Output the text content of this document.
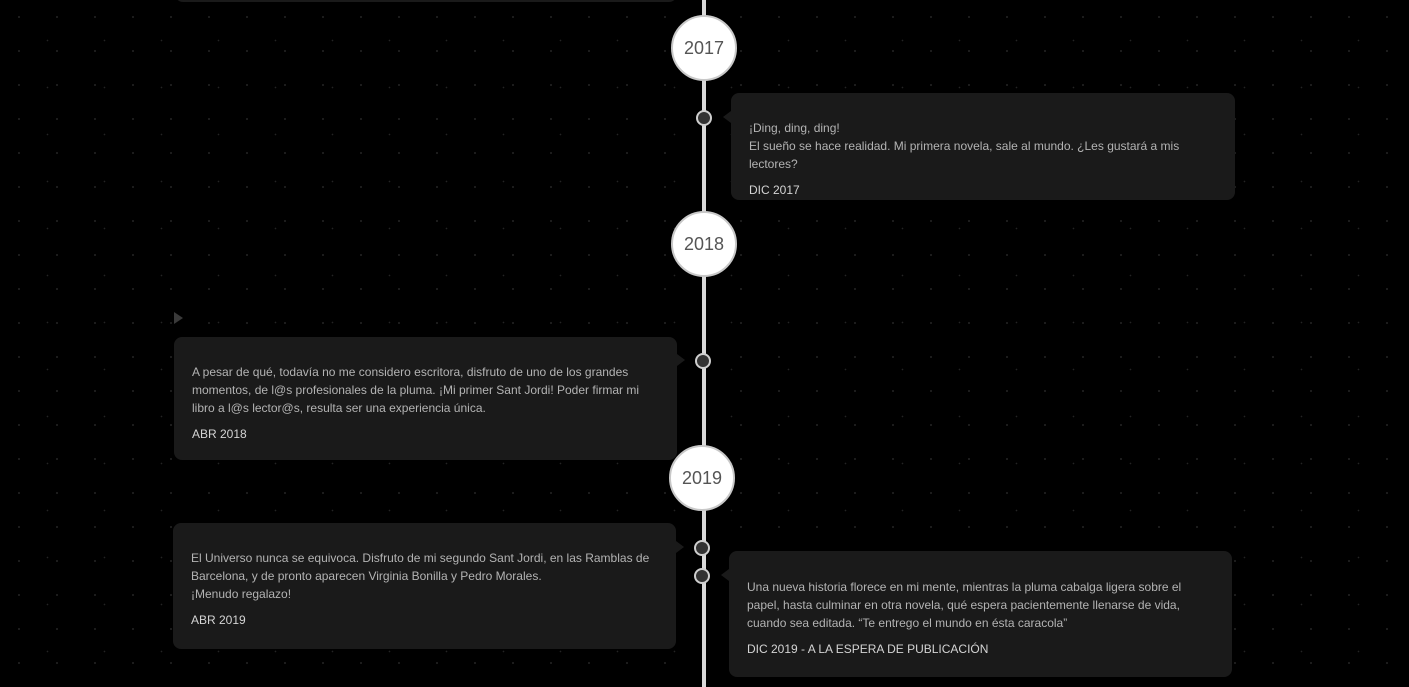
2017
2018
2019

¡Ding, ding, ding!
El sueño se hace realidad. Mi primera novela, sale al mundo. ¿Les gustará a mis lectores?

DIC 2017

A pesar de qué, todavía no me considero escritora, disfruto de uno de los grandes momentos, de l@s profesionales de la pluma. ¡Mi primer Sant Jordi! Poder firmar mi libro a l@s lector@s, resulta ser una experiencia única.

ABR 2018

El Universo nunca se equivoca. Disfruto de mi segundo Sant Jordi, en las Ramblas de Barcelona, y de pronto aparecen Virginia Bonilla y Pedro Morales.
¡Menudo regalazo!

ABR 2019

Una nueva historia florece en mi mente, mientras la pluma cabalga ligera sobre el papel, hasta culminar en otra novela, qué espera pacientemente llenarse de vida, cuando sea editada. “Te entrego el mundo en ésta caracola”

DIC 2019 - A LA ESPERA DE PUBLICACIÓN
